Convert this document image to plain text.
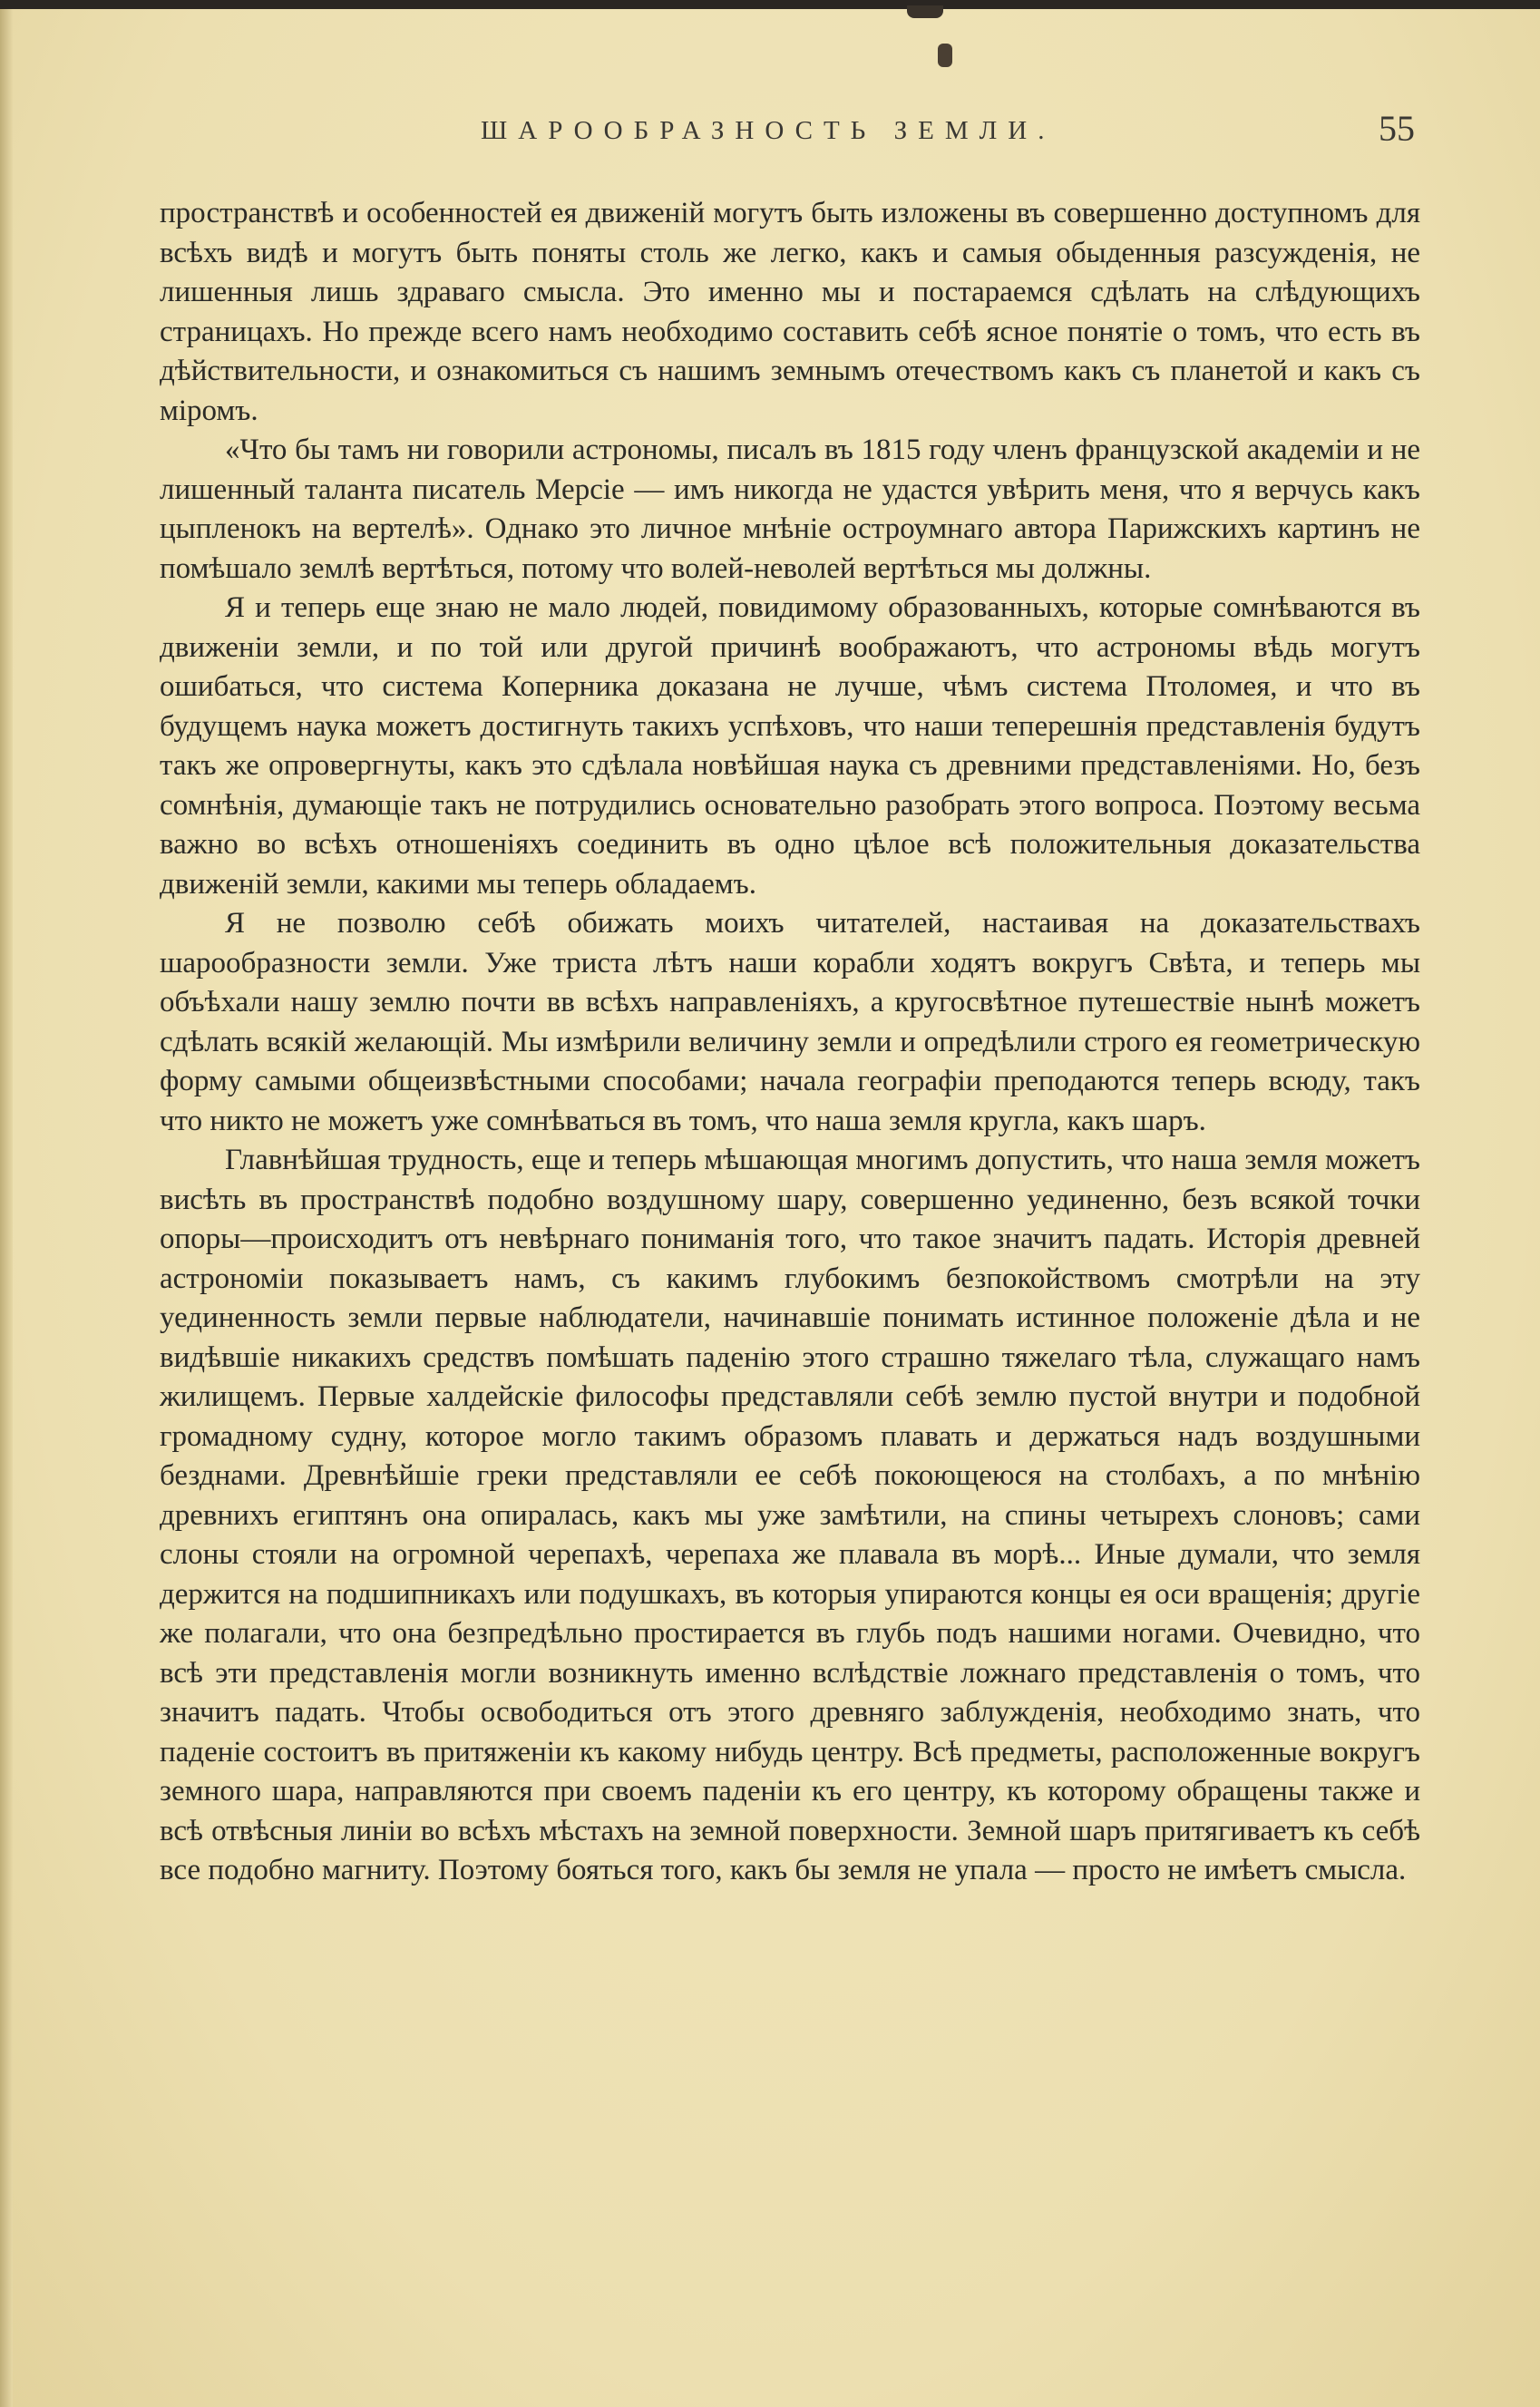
ШАРООБРАЗНОСТЬ ЗЕМЛИ.	55

пространствѣ и особенностей ея движеній могутъ быть изложены въ совершенно доступномъ для всѣхъ видѣ и могутъ быть поняты столь же легко, какъ и самыя обыденныя разсужденія, не лишенныя лишь здраваго смысла. Это именно мы и постараемся сдѣлать на слѣдующихъ страницахъ. Но прежде всего намъ необходимо составить себѣ ясное понятіе о томъ, что есть въ дѣйствительности, и ознакомиться съ нашимъ земнымъ отечествомъ какъ съ планетой и какъ съ міромъ.

«Что бы тамъ ни говорили астрономы, писалъ въ 1815 году членъ французской академіи и не лишенный таланта писатель Мерсіе — имъ никогда не удастся увѣрить меня, что я верчусь какъ цыпленокъ на вертелѣ». Однако это личное мнѣніе остроумнаго автора Парижскихъ картинъ не помѣшало землѣ вертѣться, потому что волей-неволей вертѣться мы должны.

Я и теперь еще знаю не мало людей, повидимому образованныхъ, которые сомнѣваются въ движеніи земли, и по той или другой причинѣ воображаютъ, что астрономы вѣдь могутъ ошибаться, что система Коперника доказана не лучше, чѣмъ система Птоломея, и что въ будущемъ наука можетъ достигнуть такихъ успѣховъ, что наши теперешнія представленія будутъ такъ же опровергнуты, какъ это сдѣлала новѣйшая наука съ древними представленіями. Но, безъ сомнѣнія, думающіе такъ не потрудились основательно разобрать этого вопроса. Поэтому весьма важно во всѣхъ отношеніяхъ соединить въ одно цѣлое всѣ положительныя доказательства движеній земли, какими мы теперь обладаемъ.

Я не позволю себѣ обижать моихъ читателей, настаивая на доказательствахъ шарообразности земли. Уже триста лѣтъ наши корабли ходятъ вокругъ Свѣта, и теперь мы объѣхали нашу землю почти вв всѣхъ направленіяхъ, а кругосвѣтное путешествіе нынѣ можетъ сдѣлать всякій желающій. Мы измѣрили величину земли и опредѣлили строго ея геометрическую форму самыми общеизвѣстными способами; начала географіи преподаются теперь всюду, такъ что никто не можетъ уже сомнѣваться въ томъ, что наша земля кругла, какъ шаръ.

Главнѣйшая трудность, еще и теперь мѣшающая многимъ допустить, что наша земля можетъ висѣть въ пространствѣ подобно воздушному шару, совершенно уединенно, безъ всякой точки опоры—происходитъ отъ невѣрнаго пониманія того, что такое значитъ падать. Исторія древней астрономіи показываетъ намъ, съ какимъ глубокимъ безпокойствомъ смотрѣли на эту уединенность земли первые наблюдатели, начинавшіе понимать истинное положеніе дѣла и не видѣвшіе никакихъ средствъ помѣшать паденію этого страшно тяжелаго тѣла, служащаго намъ жилищемъ. Первые халдейскіе философы представляли себѣ землю пустой внутри и подобной громадному судну, которое могло такимъ образомъ плавать и держаться надъ воздушными безднами. Древнѣйшіе греки представляли ее себѣ покоющеюся на столбахъ, а по мнѣнію древнихъ египтянъ она опиралась, какъ мы уже замѣтили, на спины четырехъ слоновъ; сами слоны стояли на огромной черепахѣ, черепаха же плавала въ морѣ... Иные думали, что земля держится на подшипникахъ или подушкахъ, въ которыя упираются концы ея оси вращенія; другіе же полагали, что она безпредѣльно простирается въ глубь подъ нашими ногами. Очевидно, что всѣ эти представленія могли возникнуть именно вслѣдствіе ложнаго представленія о томъ, что значитъ падать. Чтобы освободиться отъ этого древняго заблужденія, необходимо знать, что паденіе состоитъ въ притяженіи къ какому нибудь центру. Всѣ предметы, расположенные вокругъ земного шара, направляются при своемъ паденіи къ его центру, къ которому обращены также и всѣ отвѣсныя линіи во всѣхъ мѣстахъ на земной поверхности. Земной шаръ притягиваетъ къ себѣ все подобно магниту. Поэтому бояться того, какъ бы земля не упала — просто не имѣетъ смысла.
